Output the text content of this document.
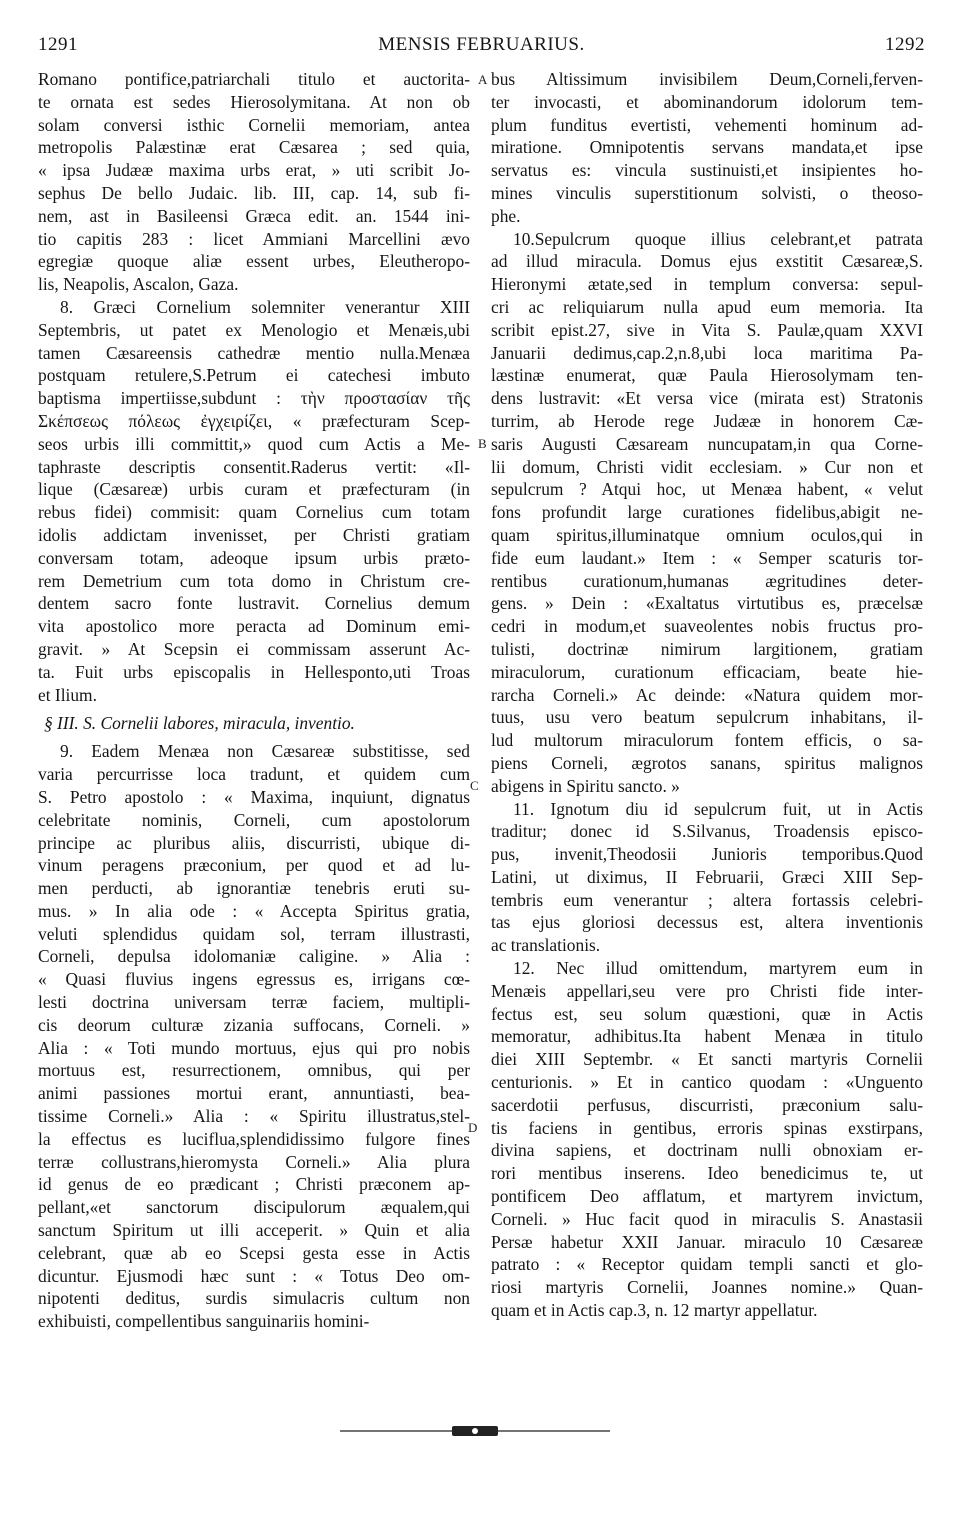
1291	MENSIS FEBRUARIUS.	1292
Romano pontifice,patriarchali titulo et auctorita-
te ornata est sedes Hierosolymitana. At non ob
solam conversi isthic Cornelii memoriam, antea
metropolis Palæstinæ erat Cæsarea ; sed quia,
« ipsa Judææ maxima urbs erat, » uti scribit Jo-
sephus De bello Judaic. lib. III, cap. 14, sub fi-
nem, ast in Basileensi Græca edit. an. 1544 ini-
tio capitis 283 : licet Ammiani Marcellini ævo
egregiæ quoque aliæ essent urbes, Eleutheropo-
lis, Neapolis, Ascalon, Gaza.
8. Græci Cornelium solemniter venerantur XIII
Septembris, ut patet ex Menologio et Menæis,ubi
tamen Cæsareensis cathedræ mentio nulla.Menæa
postquam retulere,S.Petrum ei catechesi imbuto
baptisma impertiisse,subdunt : τὴν προστασίαν τῆς
Σκέπσεως πόλεως ἐγχειρίζει, « præfecturam Scep-
seos urbis illi committit,» quod cum Actis a Me-
taphraste descriptis consentit.Raderus vertit: «Il-
lique (Cæsareæ) urbis curam et præfecturam (in
rebus fidei) commisit: quam Cornelius cum totam
idolis addictam invenisset, per Christi gratiam
conversam totam, adeoque ipsum urbis præto-
rem Demetrium cum tota domo in Christum cre-
dentem sacro fonte lustravit. Cornelius demum
vita apostolico more peracta ad Dominum emi-
gravit. » At Scepsin ei commissam asserunt Ac-
ta. Fuit urbs episcopalis in Hellesponto,uti Troas
et Ilium.
§ III. S. Cornelii labores, miracula, inventio.
9. Eadem Menæa non Cæsareæ substitisse, sed
varia percurrisse loca tradunt, et quidem cum
S. Petro apostolo : « Maxima, inquiunt, dignatus
celebritate nominis, Corneli, cum apostolorum
principe ac pluribus aliis, discurristi, ubique di-
vinum peragens præconium, per quod et ad lu-
men perducti, ab ignorantiæ tenebris eruti su-
mus. » In alia ode : « Accepta Spiritus gratia,
veluti splendidus quidam sol, terram illustrasti,
Corneli, depulsa idolomaniæ caligine. » Alia :
« Quasi fluvius ingens egressus es, irrigans cœ-
lesti doctrina universam terræ faciem, multipli-
cis deorum culturæ zizania suffocans, Corneli. »
Alia : « Toti mundo mortuus, ejus qui pro nobis
mortuus est, resurrectionem, omnibus, qui per
animi passiones mortui erant, annuntiasti, bea-
tissime Corneli.» Alia : « Spiritu illustratus,stel-
la effectus es luciflua,splendidissimo fulgore fines
terræ collustrans,hieromysta Corneli.» Alia plura
id genus de eo prædicant ; Christi præconem ap-
pellant,«et sanctorum discipulorum æqualem,qui
sanctum Spiritum ut illi acceperit. » Quin et alia
celebrant, quæ ab eo Scepsi gesta esse in Actis
dicuntur. Ejusmodi hæc sunt : « Totus Deo om-
nipotenti deditus, surdis simulacris cultum non
exhibuisti, compellentibus sanguinariis homini-
bus Altissimum invisibilem Deum,Corneli,ferven-
ter invocasti, et abominandorum idolorum tem-
plum funditus evertisti, vehementi hominum ad-
miratione. Omnipotentis servans mandata,et ipse
servatus es: vincula sustinuisti,et insipientes ho-
mines vinculis superstitionum solvisti, o theoso-
phe.
10.Sepulcrum quoque illius celebrant,et patrata
ad illud miracula. Domus ejus exstitit Cæsareæ,S.
Hieronymi ætate,sed in templum conversa: sepul-
cri ac reliquiarum nulla apud eum memoria. Ita
scribit epist.27, sive in Vita S. Paulæ,quam XXVI
Januarii dedimus,cap.2,n.8,ubi loca maritima Pa-
læstinæ enumerat, quæ Paula Hierosolymam ten-
dens lustravit: «Et versa vice (mirata est) Stratonis
turrim, ab Herode rege Judææ in honorem Cæ-
saris Augusti Cæsaream nuncupatam,in qua Corne-
lii domum, Christi vidit ecclesiam. » Cur non et
sepulcrum ? Atqui hoc, ut Menæa habent, « velut
fons profundit large curationes fidelibus,abigit ne-
quam spiritus,illuminatque omnium oculos,qui in
fide eum laudant.» Item : « Semper scaturis tor-
rentibus curationum,humanas ægritudines deter-
gens. » Dein : «Exaltatus virtutibus es, præcelsæ
cedri in modum,et suaveolentes nobis fructus pro-
tulisti, doctrinæ nimirum largitionem, gratiam
miraculorum, curationum efficaciam, beate hie-
rarcha Corneli.» Ac deinde: «Natura quidem mor-
tuus, usu vero beatum sepulcrum inhabitans, il-
lud multorum miraculorum fontem efficis, o sa-
piens Corneli, ægrotos sanans, spiritus malignos
abigens in Spiritu sancto. »
11. Ignotum diu id sepulcrum fuit, ut in Actis
traditur; donec id S.Silvanus, Troadensis episco-
pus, invenit,Theodosii Junioris temporibus.Quod
Latini, ut diximus, II Februarii, Græci XIII Sep-
tembris eum venerantur ; altera fortassis celebri-
tas ejus gloriosi decessus est, altera inventionis
ac translationis.
12. Nec illud omittendum, martyrem eum in
Menæis appellari,seu vere pro Christi fide inter-
fectus est, seu solum quæstioni, quæ in Actis
memoratur, adhibitus.Ita habent Menæa in titulo
diei XIII Septembr. « Et sancti martyris Cornelii
centurionis. » Et in cantico quodam : «Unguento
sacerdotii perfusus, discurristi, præconium salu-
tis faciens in gentibus, erroris spinas exstirpans,
divina sapiens, et doctrinam nulli obnoxiam er-
rori mentibus inserens. Ideo benedicimus te, ut
pontificem Deo afflatum, et martyrem invictum,
Corneli. » Huc facit quod in miraculis S. Anastasii
Persæ habetur XXII Januar. miraculo 10 Cæsareæ
patrato : « Receptor quidam templi sancti et glo-
riosi martyris Cornelii, Joannes nomine.» Quan-
quam et in Actis cap.3, n. 12 martyr appellatur.
A
B
C
D
